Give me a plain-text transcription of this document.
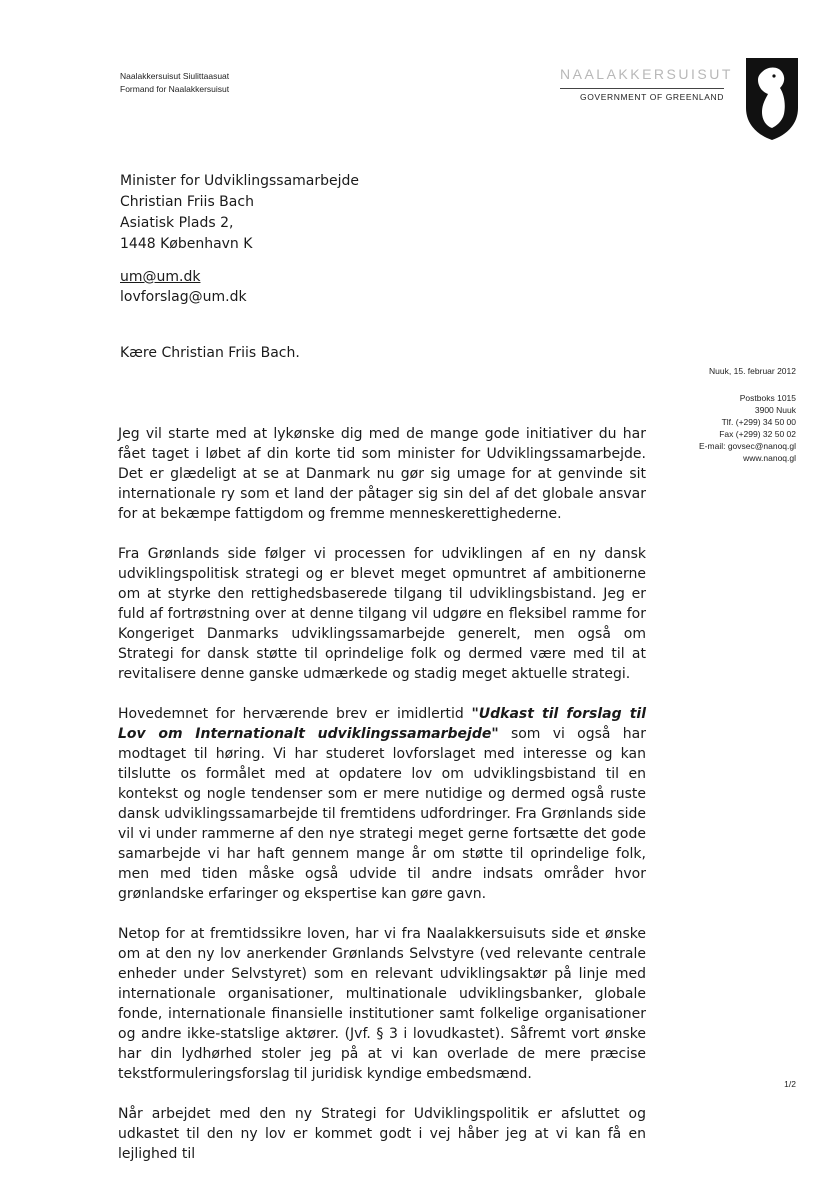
Naalakkersuisut Siulittaasuat
Formand for Naalakkersuisut
NAALAKKERSUISUT
GOVERNMENT OF GREENLAND
Minister for Udviklingssamarbejde
Christian Friis Bach
Asiatisk Plads 2,
1448 København K
um@um.dk
lovforslag@um.dk
Kære Christian Friis Bach.
Nuuk, 15. februar 2012
Postboks 1015
3900 Nuuk
Tlf. (+299) 34 50 00
Fax (+299) 32 50 02
E-mail: govsec@nanoq.gl
www.nanoq.gl
1/2

Jeg vil starte med at lykønske dig med de mange gode initiativer du har fået taget i løbet af din korte tid som minister for Udviklingssamarbejde. Det er glædeligt at se at Danmark nu gør sig umage for at genvinde sit internationale ry som et land der påtager sig sin del af det globale ansvar for at bekæmpe fattigdom og fremme menneskerettighederne.

Fra Grønlands side følger vi processen for udviklingen af en ny dansk udviklingspolitisk strategi og er blevet meget opmuntret af ambitionerne om at styrke den rettighedsbaserede tilgang til udviklingsbistand. Jeg er fuld af fortrøstning over at denne tilgang vil udgøre en fleksibel ramme for Kongeriget Danmarks udviklingssamarbejde generelt, men også om Strategi for dansk støtte til oprindelige folk og dermed være med til at revitalisere denne ganske udmærkede og stadig meget aktuelle strategi.

Hovedemnet for herværende brev er imidlertid "Udkast til forslag til Lov om Internationalt udviklingssamarbejde" som vi også har modtaget til høring. Vi har studeret lovforslaget med interesse og kan tilslutte os formålet med at opdatere lov om udviklingsbistand til en kontekst og nogle tendenser som er mere nutidige og dermed også ruste dansk udviklingssamarbejde til fremtidens udfordringer. Fra Grønlands side vil vi under rammerne af den nye strategi meget gerne fortsætte det gode samarbejde vi har haft gennem mange år om støtte til oprindelige folk, men med tiden måske også udvide til andre indsats områder hvor grønlandske erfaringer og ekspertise kan gøre gavn.

Netop for at fremtidssikre loven, har vi fra Naalakkersuisuts side et ønske om at den ny lov anerkender Grønlands Selvstyre (ved relevante centrale enheder under Selvstyret) som en relevant udviklingsaktør på linje med internationale organisationer, multinationale udviklingsbanker, globale fonde, internationale finansielle institutioner samt folkelige organisationer og andre ikke-statslige aktører. (Jvf. § 3 i lovudkastet). Såfremt vort ønske har din lydhørhed stoler jeg på at vi kan overlade de mere præcise tekstformuleringsforslag til juridisk kyndige embedsmænd.

Når arbejdet med den ny Strategi for Udviklingspolitik er afsluttet og udkastet til den ny lov er kommet godt i vej håber jeg at vi kan få en lejlighed til
